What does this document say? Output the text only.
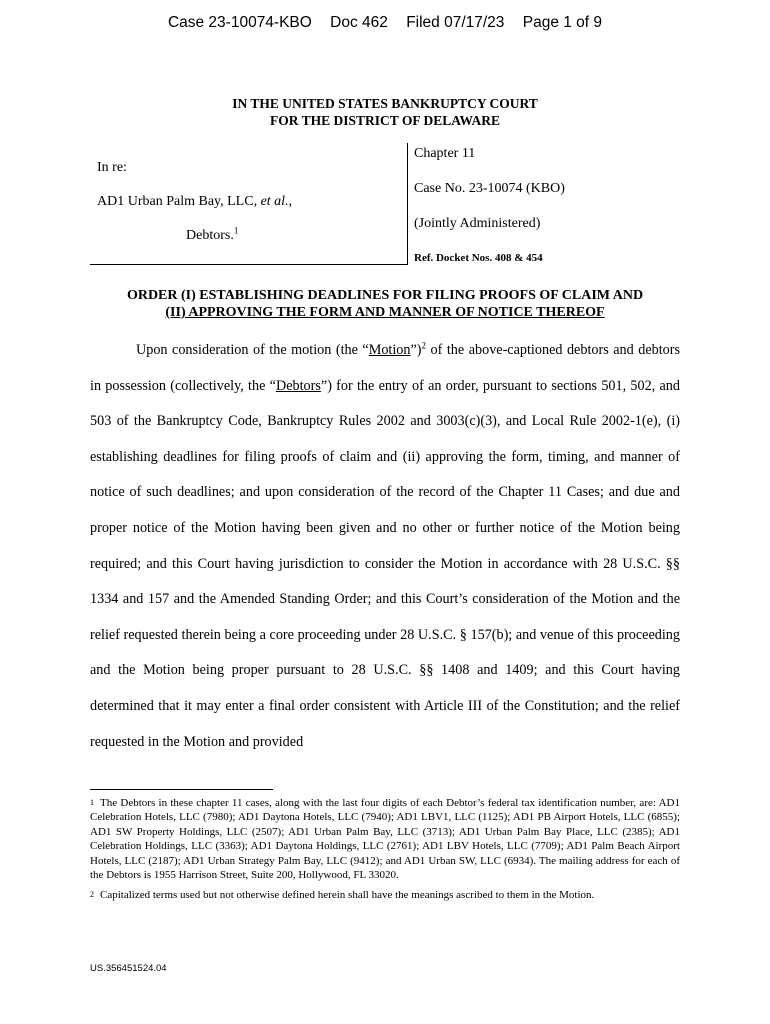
Case 23-10074-KBO Doc 462 Filed 07/17/23 Page 1 of 9
IN THE UNITED STATES BANKRUPTCY COURT
FOR THE DISTRICT OF DELAWARE
In re:
AD1 Urban Palm Bay, LLC, et al.,
Debtors.$^1$
Chapter 11
Case No. 23-10074 (KBO)
(Jointly Administered)
Ref. Docket Nos. 408 & 454
ORDER (I) ESTABLISHING DEADLINES FOR FILING PROOFS OF CLAIM AND
(II) APPROVING THE FORM AND MANNER OF NOTICE THEREOF

Upon consideration of the motion (the “Motion”)$^2$ of the above-captioned debtors and debtors in possession (collectively, the “Debtors”) for the entry of an order, pursuant to sections 501, 502, and 503 of the Bankruptcy Code, Bankruptcy Rules 2002 and 3003(c)(3), and Local Rule 2002-1(e), (i) establishing deadlines for filing proofs of claim and (ii) approving the form, timing, and manner of notice of such deadlines; and upon consideration of the record of the Chapter 11 Cases; and due and proper notice of the Motion having been given and no other or further notice of the Motion being required; and this Court having jurisdiction to consider the Motion in accordance with 28 U.S.C. §§ 1334 and 157 and the Amended Standing Order; and this Court’s consideration of the Motion and the relief requested therein being a core proceeding under 28 U.S.C. § 157(b); and venue of this proceeding and the Motion being proper pursuant to 28 U.S.C. §§ 1408 and 1409; and this Court having determined that it may enter a final order consistent with Article III of the Constitution; and the relief requested in the Motion and provided

$^1$ The Debtors in these chapter 11 cases, along with the last four digits of each Debtor’s federal tax identification number, are: AD1 Celebration Hotels, LLC (7980); AD1 Daytona Hotels, LLC (7940); AD1 LBV1, LLC (1125); AD1 PB Airport Hotels, LLC (6855); AD1 SW Property Holdings, LLC (2507); AD1 Urban Palm Bay, LLC (3713); AD1 Urban Palm Bay Place, LLC (2385); AD1 Celebration Holdings, LLC (3363); AD1 Daytona Holdings, LLC (2761); AD1 LBV Hotels, LLC (7709); AD1 Palm Beach Airport Hotels, LLC (2187); AD1 Urban Strategy Palm Bay, LLC (9412); and AD1 Urban SW, LLC (6934). The mailing address for each of the Debtors is 1955 Harrison Street, Suite 200, Hollywood, FL 33020.

$^2$ Capitalized terms used but not otherwise defined herein shall have the meanings ascribed to them in the Motion.

US.356451524.04
